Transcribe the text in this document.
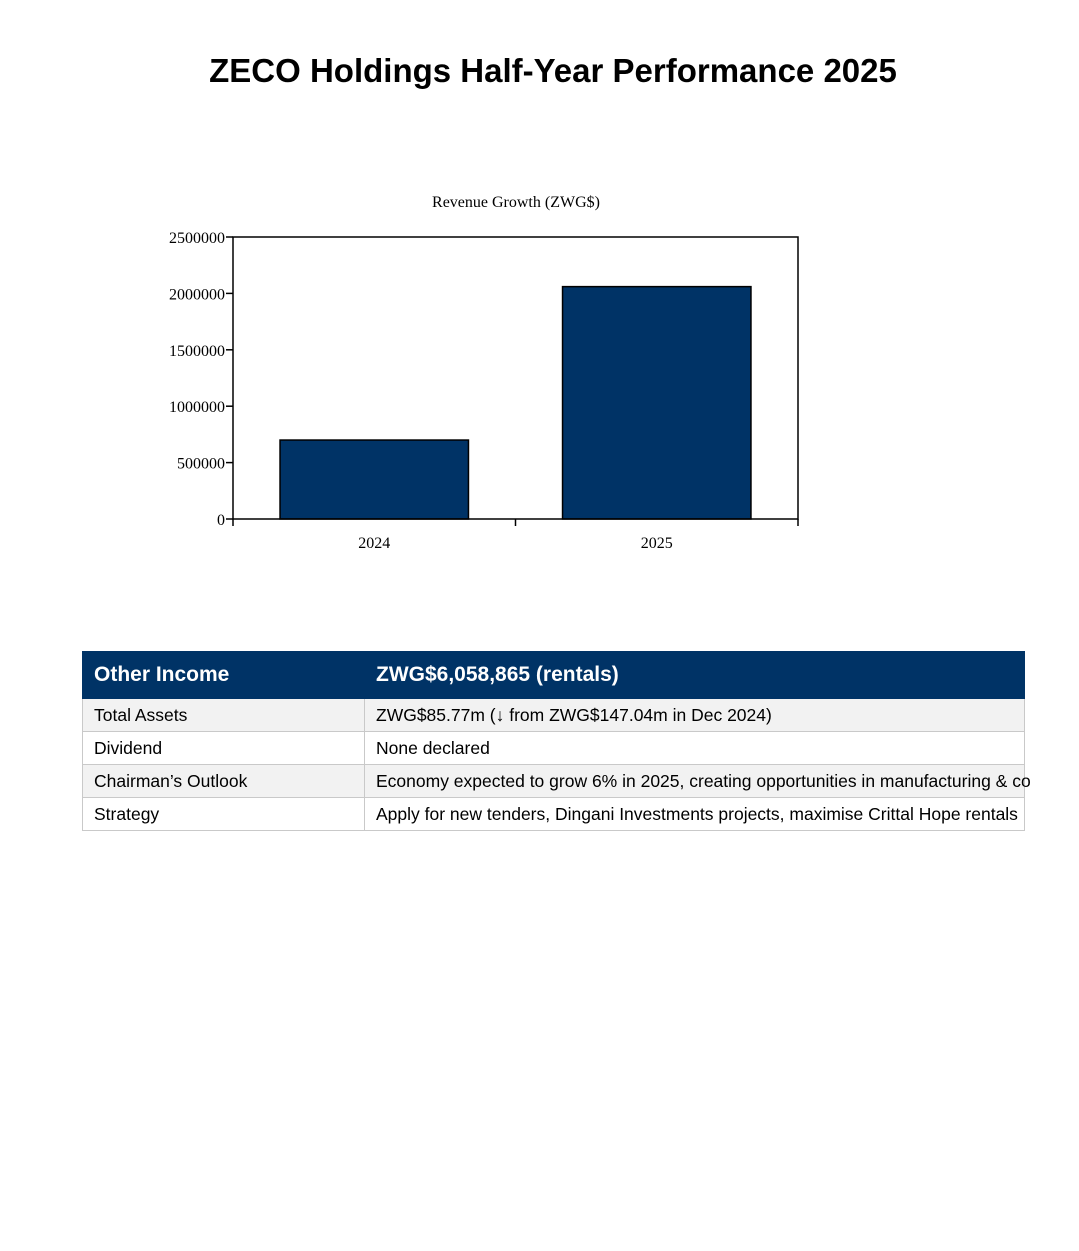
ZECO Holdings Half-Year Performance 2025
Revenue Growth (ZWG$)
0
500000
1000000
1500000
2000000
2500000
2024	2025
Other Income	ZWG$6,058,865 (rentals)
Total Assets	ZWG$85.77m (↓ from ZWG$147.04m in Dec 2024)

Dividend	None declared

Chairman’s Outlook	Economy expected to grow 6% in 2025, creating opportunities in manufacturing & co

Strategy	Apply for new tenders, Dingani Investments projects, maximise Crittal Hope rentals
